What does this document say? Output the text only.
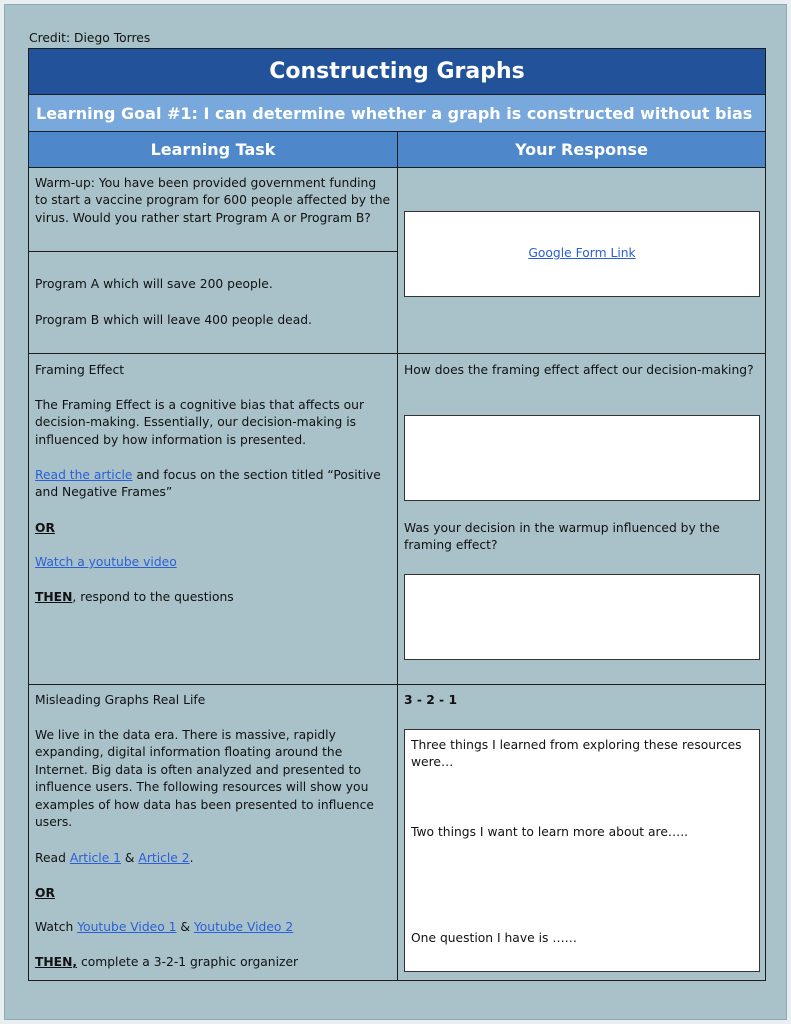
Credit: Diego Torres
Constructing Graphs
Learning Goal #1: I can determine whether a graph is constructed without bias
Learning Task	Your Response
Warm-up: You have been provided government funding to start a vaccine program for 600 people affected by the virus. Would you rather start Program A or Program B?
Program A which will save 200 people.
Program B which will leave 400 people dead.
Google Form Link
Framing Effect
The Framing Effect is a cognitive bias that affects our decision-making. Essentially, our decision-making is influenced by how information is presented.
Read the article and focus on the section titled “Positive and Negative Frames”
OR
Watch a youtube video
THEN, respond to the questions
How does the framing effect affect our decision-making?
Was your decision in the warmup influenced by the framing effect?
Misleading Graphs Real Life
We live in the data era. There is massive, rapidly expanding, digital information floating around the Internet. Big data is often analyzed and presented to influence users. The following resources will show you examples of how data has been presented to influence users.
Read Article 1 & Article 2.
OR
Watch Youtube Video 1 & Youtube Video 2
THEN, complete a 3-2-1 graphic organizer
3 - 2 - 1
Three things I learned from exploring these resources were…
Two things I want to learn more about are…..
One question I have is ……
